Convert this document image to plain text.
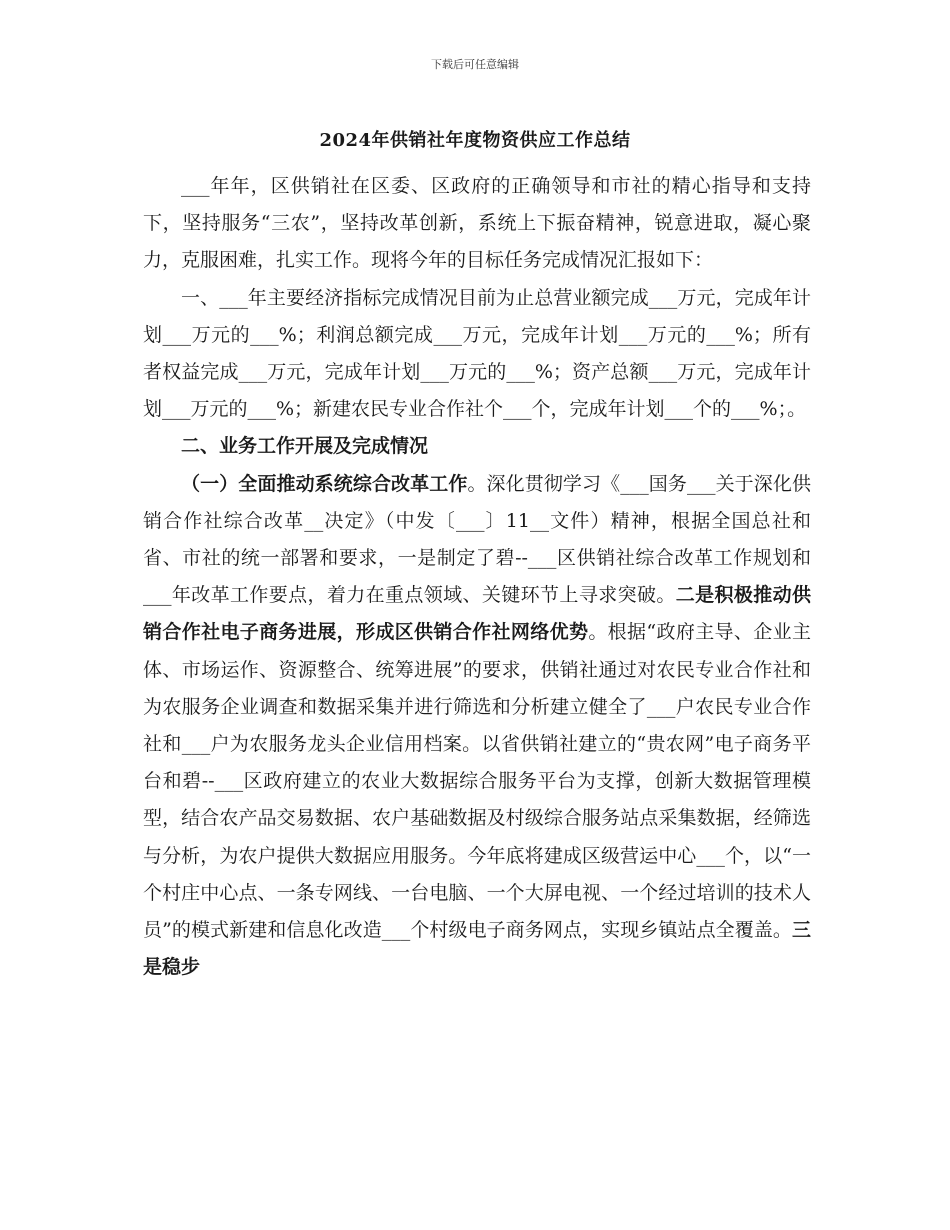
下载后可任意编辑
2024年供销社年度物资供应工作总结

___年年，区供销社在区委、区政府的正确领导和市社的精心指导和支持下，坚持服务“三农”，坚持改革创新，系统上下振奋精神，锐意进取，凝心聚力，克服困难，扎实工作。现将今年的目标任务完成情况汇报如下：

一、___年主要经济指标完成情况目前为止总营业额完成___万元，完成年计划___万元的___%；利润总额完成___万元，完成年计划___万元的___%；所有者权益完成___万元，完成年计划___万元的___%；资产总额___万元，完成年计划___万元的___%；新建农民专业合作社个___个，完成年计划___个的___%；。

二、业务工作开展及完成情况

（一）全面推动系统综合改革工作。深化贯彻学习《___国务___关于深化供销合作社综合改革__决定》（中发〔___〕11__文件）精神，根据全国总社和省、市社的统一部署和要求，一是制定了碧--___区供销社综合改革工作规划和___年改革工作要点，着力在重点领域、关键环节上寻求突破。二是积极推动供销合作社电子商务进展，形成区供销合作社网络优势。根据“政府主导、企业主体、市场运作、资源整合、统筹进展”的要求，供销社通过对农民专业合作社和为农服务企业调查和数据采集并进行筛选和分析建立健全了___户农民专业合作社和___户为农服务龙头企业信用档案。以省供销社建立的“贵农网”电子商务平台和碧--___区政府建立的农业大数据综合服务平台为支撑，创新大数据管理模型，结合农产品交易数据、农户基础数据及村级综合服务站点采集数据，经筛选与分析，为农户提供大数据应用服务。今年底将建成区级营运中心___个，以“一个村庄中心点、一条专网线、一台电脑、一个大屏电视、一个经过培训的技术人员”的模式新建和信息化改造___个村级电子商务网点，实现乡镇站点全覆盖。三是稳步
